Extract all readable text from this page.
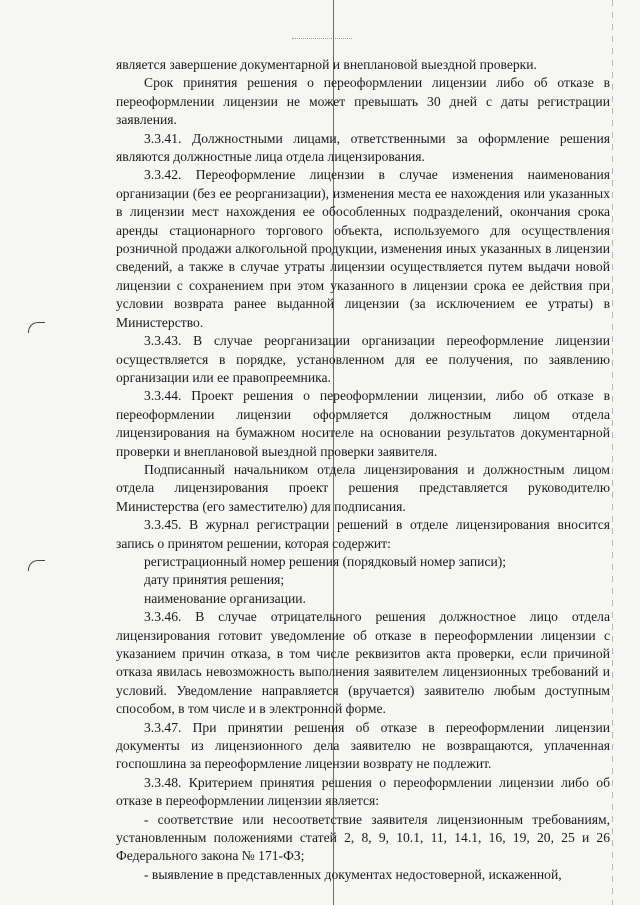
является завершение документарной и внеплановой выездной проверки.

Срок принятия решения о переоформлении лицензии либо об отказе в переоформлении лицензии не может превышать 30 дней с даты регистрации заявления.

3.3.41. Должностными лицами, ответственными за оформление решения являются должностные лица отдела лицензирования.

3.3.42. Переоформление лицензии в случае изменения наименования организации (без ее реорганизации), изменения места ее нахождения или указанных в лицензии мест нахождения ее обособленных подразделений, окончания срока аренды стационарного торгового объекта, используемого для осуществления розничной продажи алкогольной продукции, изменения иных указанных в лицензии сведений, а также в случае утраты лицензии осуществляется путем выдачи новой лицензии с сохранением при этом указанного в лицензии срока ее действия при условии возврата ранее выданной лицензии (за исключением ее утраты) в Министерство.

3.3.43. В случае реорганизации организации переоформление лицензии осуществляется в порядке, установленном для ее получения, по заявлению организации или ее правопреемника.

3.3.44. Проект решения о переоформлении лицензии, либо об отказе в переоформлении лицензии оформляется должностным лицом отдела лицензирования на бумажном носителе на основании результатов документарной проверки и внеплановой выездной проверки заявителя.

Подписанный начальником отдела лицензирования и должностным лицом отдела лицензирования проект решения представляется руководителю Министерства (его заместителю) для подписания.

3.3.45. В журнал регистрации решений в отделе лицензирования вносится запись о принятом решении, которая содержит:

регистрационный номер решения (порядковый номер записи);

дату принятия решения;

наименование организации.

3.3.46. В случае отрицательного решения должностное лицо отдела лицензирования готовит уведомление об отказе в переоформлении лицензии с указанием причин отказа, в том числе реквизитов акта проверки, если причиной отказа явилась невозможность выполнения заявителем лицензионных требований и условий. Уведомление направляется (вручается) заявителю любым доступным способом, в том числе и в электронной форме.

3.3.47. При принятии решения об отказе в переоформлении лицензии документы из лицензионного дела заявителю не возвращаются, уплаченная госпошлина за переоформление лицензии возврату не подлежит.

3.3.48. Критерием принятия решения о переоформлении лицензии либо об отказе в переоформлении лицензии является:

- соответствие или несоответствие заявителя лицензионным требованиям, установленным положениями статей 2, 8, 9, 10.1, 11, 14.1, 16, 19, 20, 25 и 26 Федерального закона № 171-ФЗ;

- выявление в представленных документах недостоверной, искаженной,
